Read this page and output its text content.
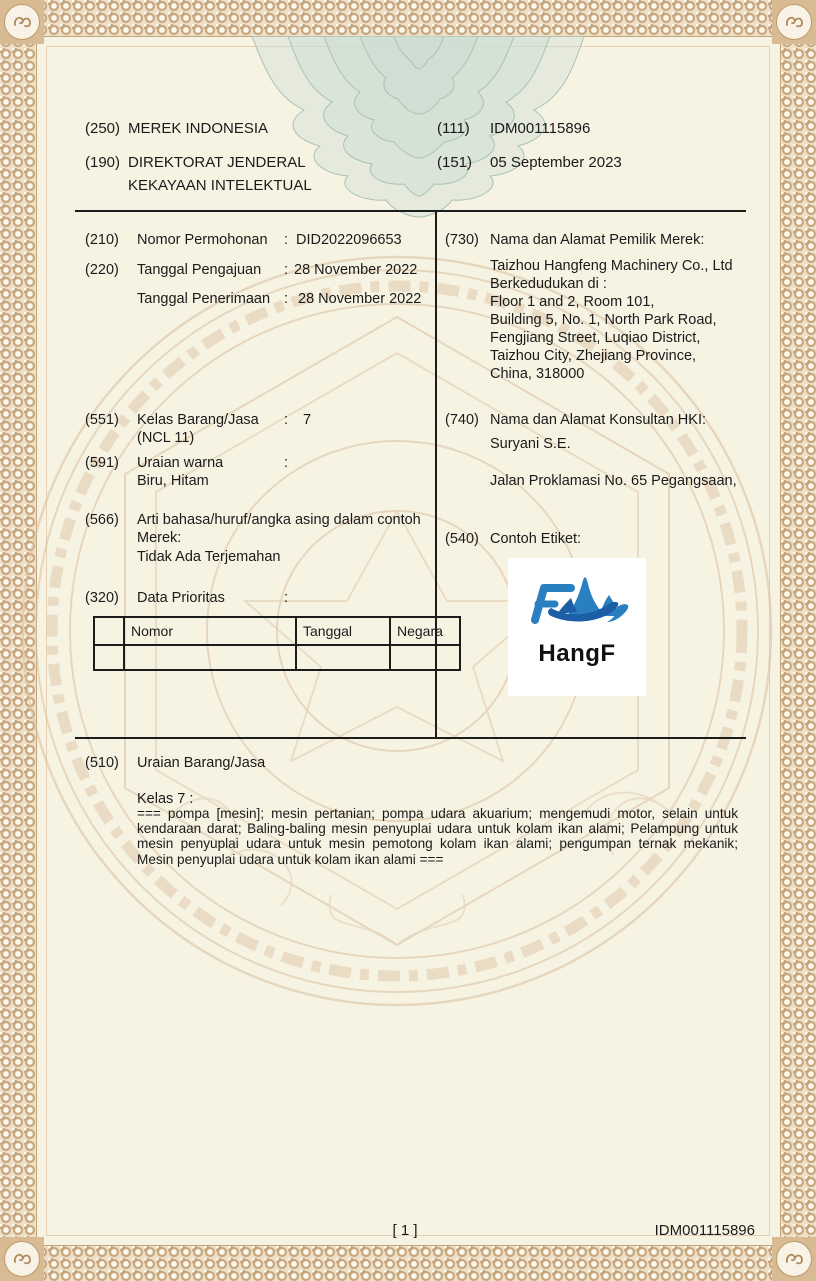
(250) MEREK INDONESIA	(111) IDM001115896
(190) DIREKTORAT JENDERAL
KEKAYAAN INTELEKTUAL
(151) 05 September 2023
(210) Nomor Permohonan : DID2022096653
(220) Tanggal Pengajuan : 28 November 2022
Tanggal Penerimaan : 28 November 2022
(551) Kelas Barang/Jasa : 7
(NCL 11)
(591) Uraian warna	:
Biru, Hitam
(566) Arti bahasa/huruf/angka asing dalam contoh
Merek:
Tidak Ada Terjemahan
(320) Data Prioritas	:
	Nomor	Tanggal	Negara

(730) Nama dan Alamat Pemilik Merek:
Taizhou Hangfeng Machinery Co., Ltd
Berkedudukan di :
Floor 1 and 2, Room 101,
Building 5, No. 1, North Park Road,
Fengjiang Street, Luqiao District,
Taizhou City, Zhejiang Province,
China, 318000
(740) Nama dan Alamat Konsultan HKI:
Suryani S.E.
Jalan Proklamasi No. 65 Pegangsaan,
(540) Contoh Etiket:
HangF
(510) Uraian Barang/Jasa
Kelas 7 :
=== pompa [mesin]; mesin pertanian; pompa udara akuarium; mengemudi motor, selain untuk kendaraan darat; Baling-baling mesin penyuplai udara untuk kolam ikan alami; Pelampung untuk mesin penyuplai udara untuk mesin pemotong kolam ikan alami; pengumpan ternak mekanik; Mesin penyuplai udara untuk kolam ikan alami ===
[ 1 ]	IDM001115896
